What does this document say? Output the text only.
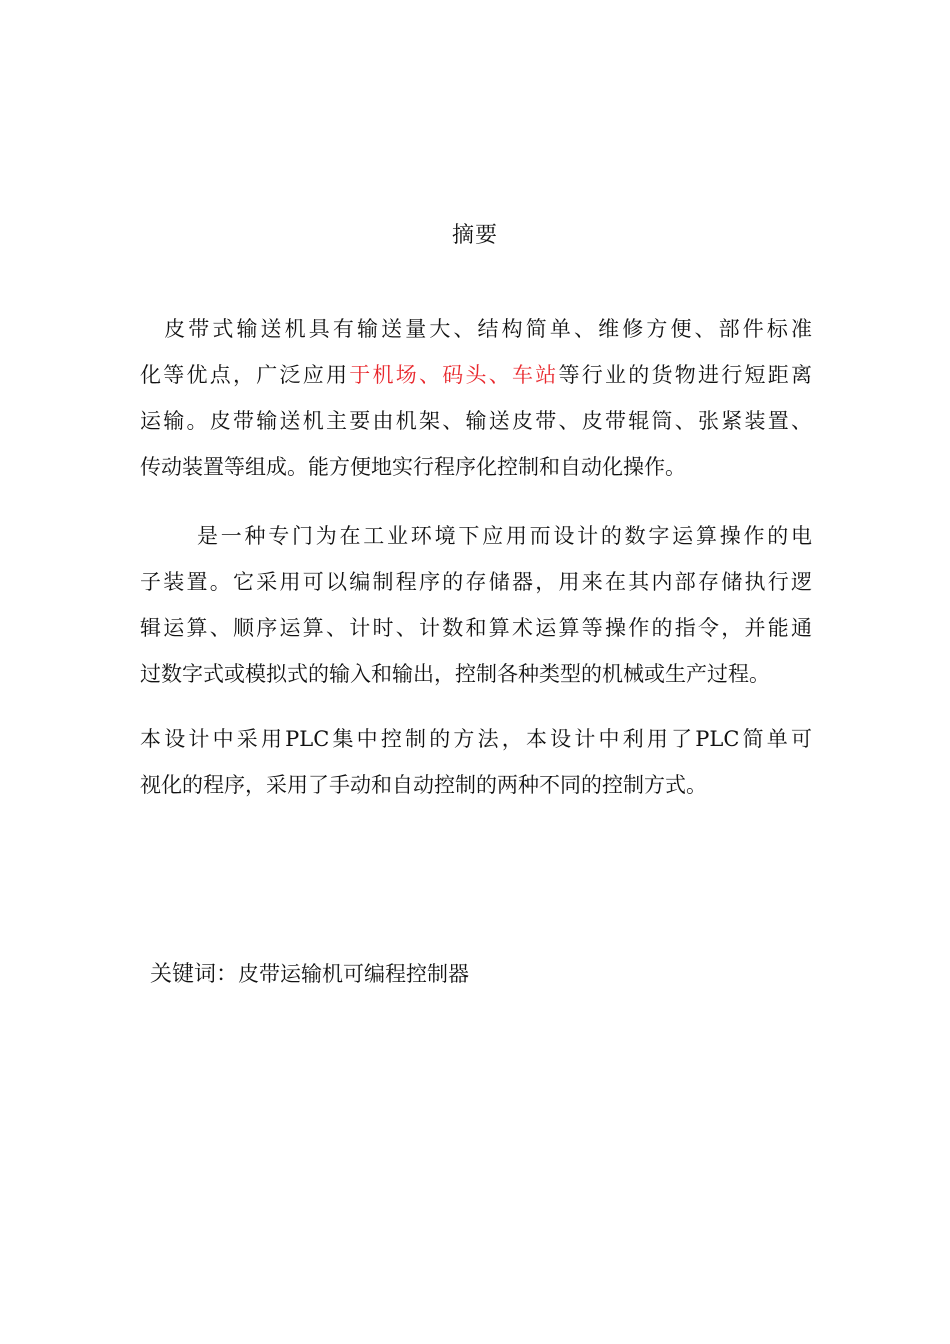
摘要
　皮带式输送机具有输送量大、结构简单、维修方便、部件标准
化等优点，广泛应用于机场、码头、车站等行业的货物进行短距离
运输。皮带输送机主要由机架、输送皮带、皮带辊筒、张紧装置、
传动装置等组成。能方便地实行程序化控制和自动化操作。
　　 是一种专门为在工业环境下应用而设计的数字运算操作的电
子装置。它采用可以编制程序的存储器，用来在其内部存储执行逻
辑运算、顺序运算、计时、计数和算术运算等操作的指令，并能通
过数字式或模拟式的输入和输出，控制各种类型的机械或生产过程。
本设计中采用PLC集中控制的方法，本设计中利用了PLC简单可
视化的程序，采用了手动和自动控制的两种不同的控制方式。
关键词：皮带运输机可编程控制器
